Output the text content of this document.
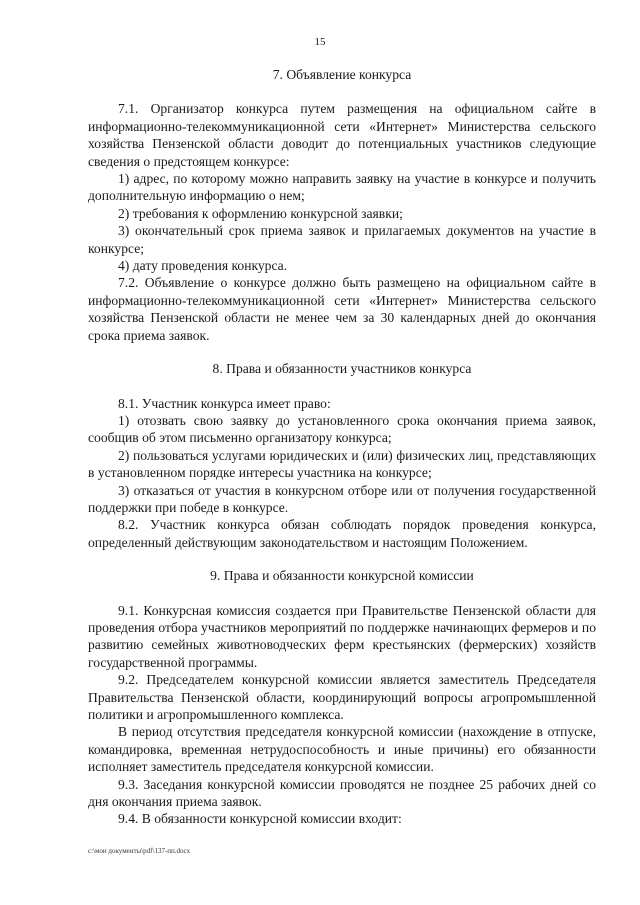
15

7. Объявление конкурса

7.1. Организатор конкурса путем размещения на официальном сайте в информационно-телекоммуникационной сети «Интернет» Министерства сельского хозяйства Пензенской области доводит до потенциальных участников следующие сведения о предстоящем конкурсе:

1) адрес, по которому можно направить заявку на участие в конкурсе и получить дополнительную информацию о нем;

2) требования к оформлению конкурсной заявки;

3) окончательный срок приема заявок и прилагаемых документов на участие в конкурсе;

4) дату проведения конкурса.

7.2. Объявление о конкурсе должно быть размещено на официальном сайте в информационно-телекоммуникационной сети «Интернет» Министерства сельского хозяйства Пензенской области не менее чем за 30 календарных дней до окончания срока приема заявок.

8. Права и обязанности участников конкурса

8.1. Участник конкурса имеет право:

1) отозвать свою заявку до установленного срока окончания приема заявок, сообщив об этом письменно организатору конкурса;

2) пользоваться услугами юридических и (или) физических лиц, представляющих в установленном порядке интересы участника на конкурсе;

3) отказаться от участия в конкурсном отборе или от получения государственной поддержки при победе в конкурсе.

8.2. Участник конкурса обязан соблюдать порядок проведения конкурса, определенный действующим законодательством и настоящим Положением.

9. Права и обязанности конкурсной комиссии

9.1. Конкурсная комиссия создается при Правительстве Пензенской области для проведения отбора участников мероприятий по поддержке начинающих фермеров и по развитию семейных животноводческих ферм крестьянских (фермерских) хозяйств государственной программы.

9.2. Председателем конкурсной комиссии является заместитель Председателя Правительства Пензенской области, координирующий вопросы агропромышленной политики и агропромышленного комплекса.

В период отсутствия председателя конкурсной комиссии (нахождение в отпуске, командировка, временная нетрудоспособность и иные причины) его обязанности исполняет заместитель председателя конкурсной комиссии.

9.3. Заседания конкурсной комиссии проводятся не позднее 25 рабочих дней со дня окончания приема заявок.

9.4. В обязанности конкурсной комиссии входит:

c:\мои документы\pdf\137-пп.docx
